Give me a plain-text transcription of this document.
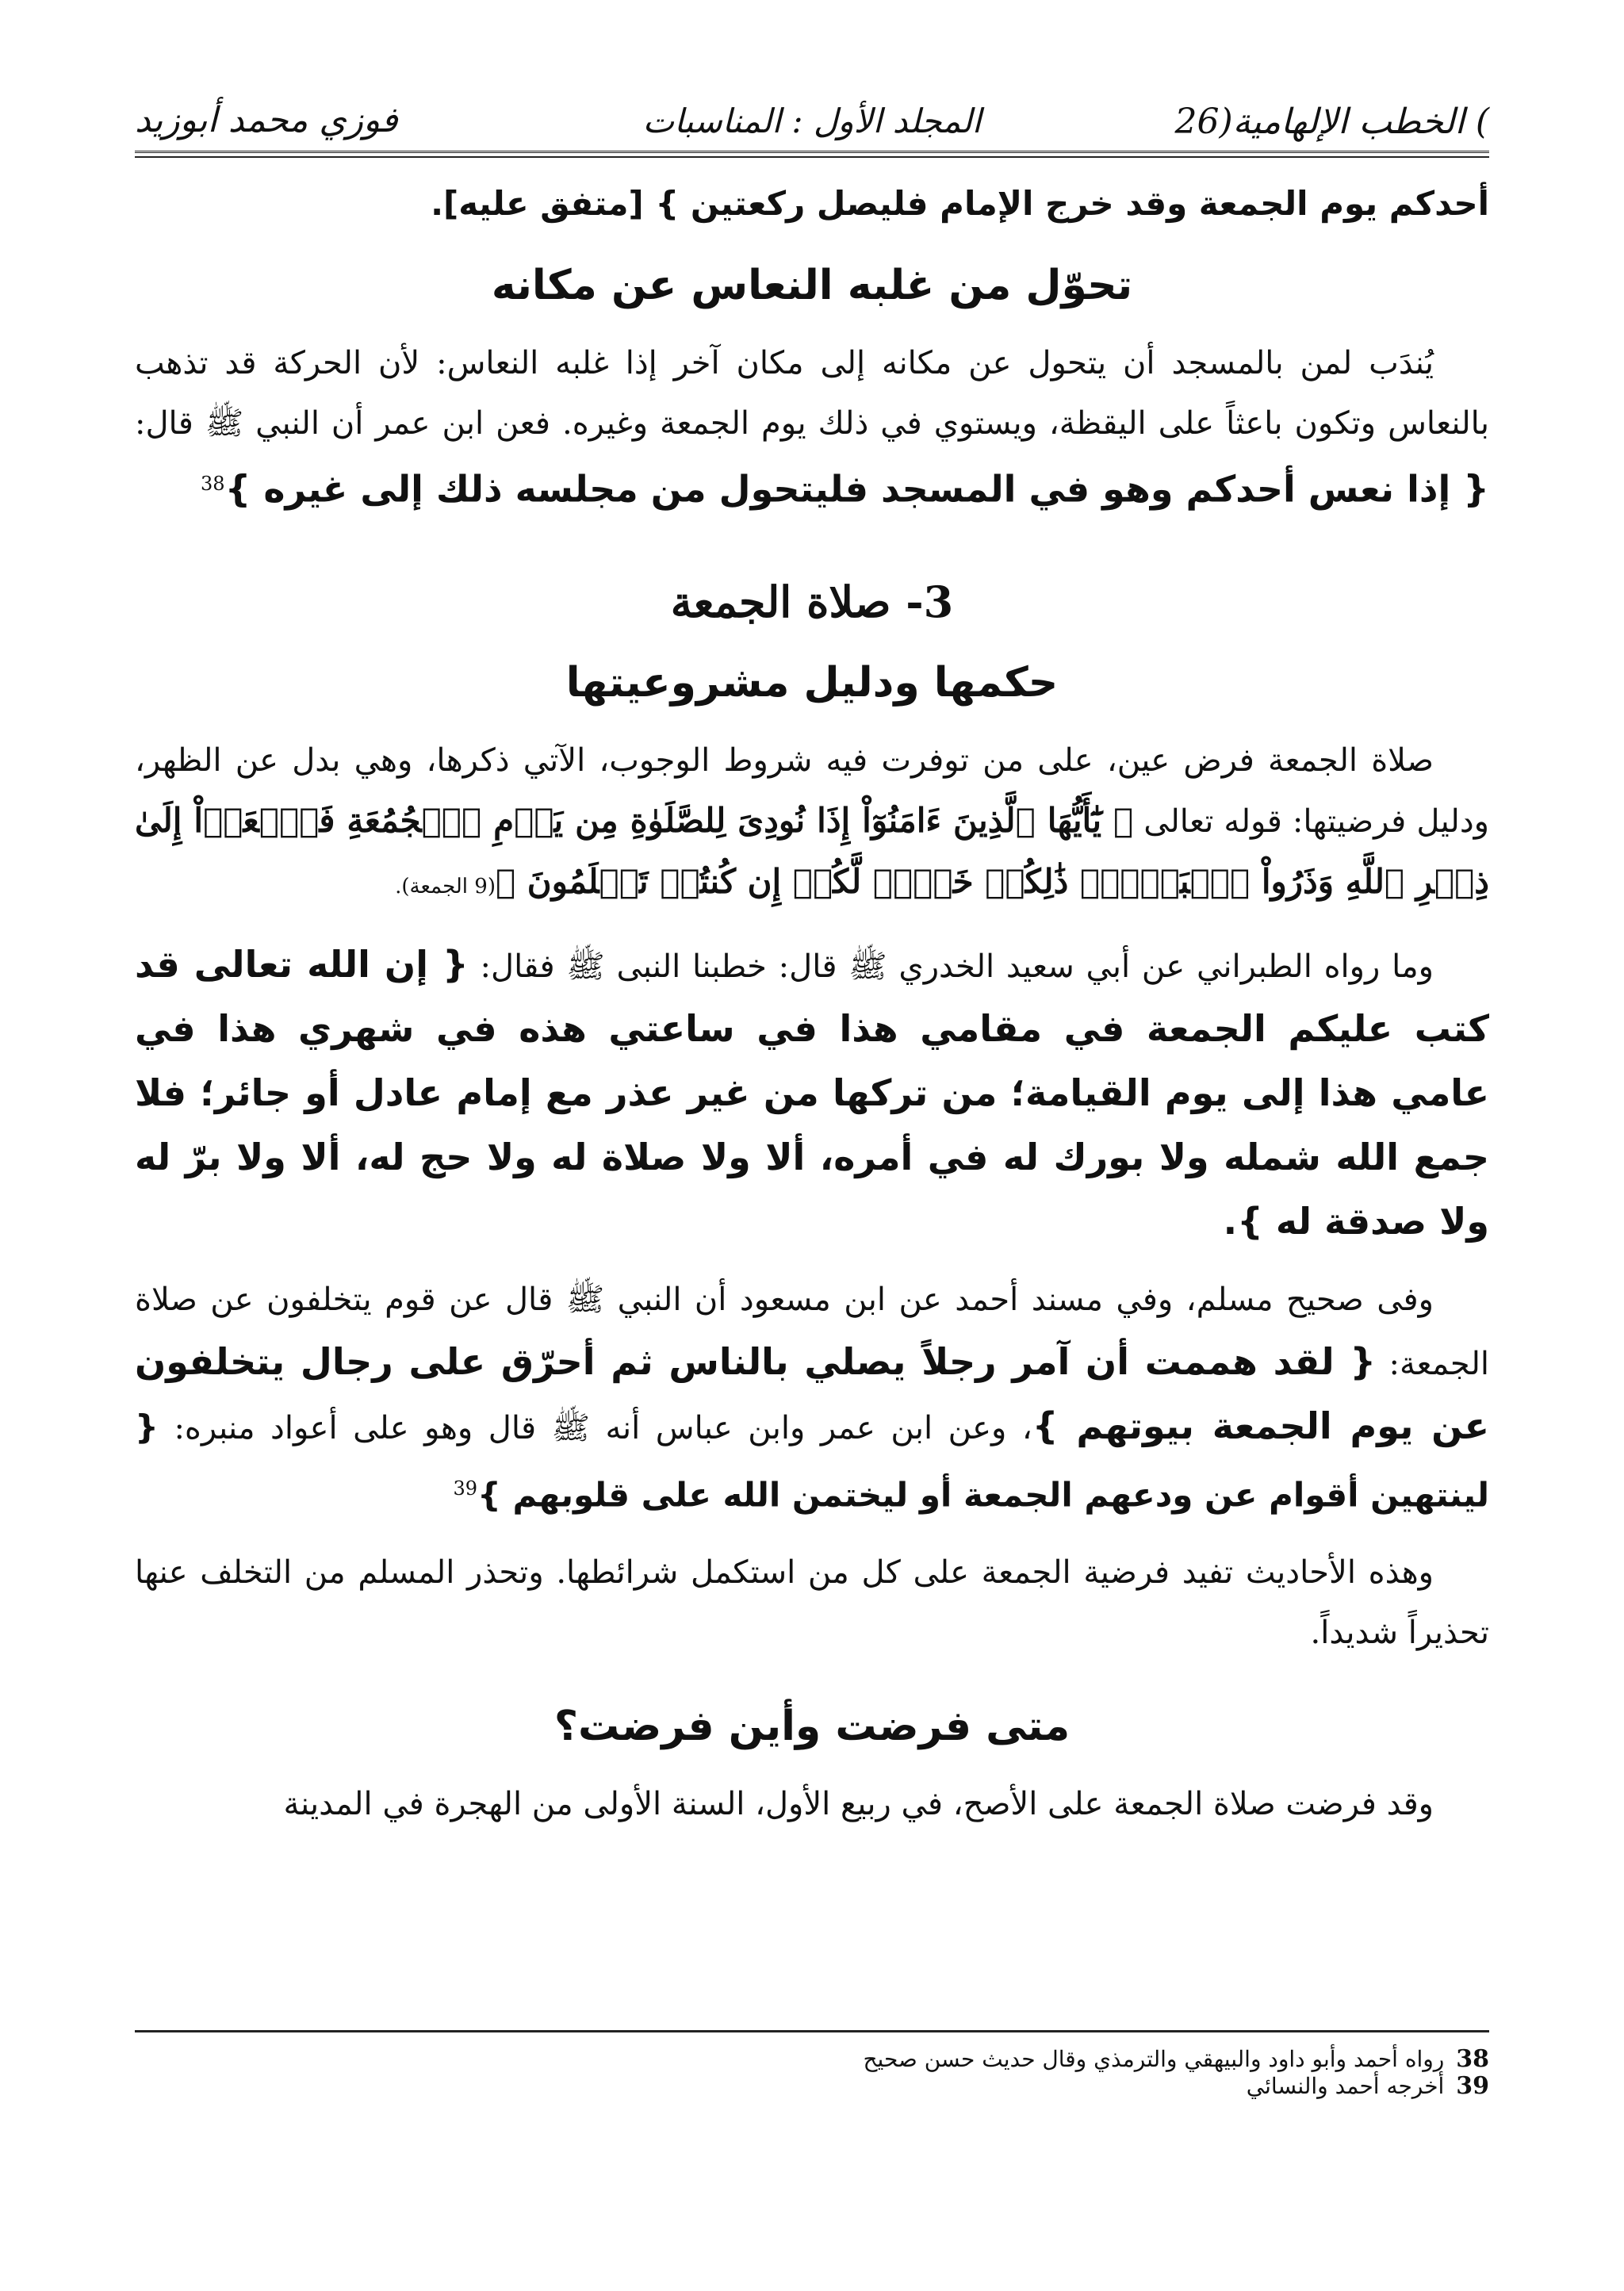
) الخطب الإلهامية(26
المجلد الأول : المناسبات
فوزي محمد أبوزيد

أحدكم يوم الجمعة وقد خرج الإمام فليصل ركعتين } [متفق عليه].

تحوّل من غلبه النعاس عن مكانه

يُندَب لمن بالمسجد أن يتحول عن مكانه إلى مكان آخر إذا غلبه النعاس: لأن الحركة قد تذهب بالنعاس وتكون باعثاً على اليقظة، ويستوي في ذلك يوم الجمعة وغيره. فعن ابن عمر أن النبي ﷺ قال: { إذا نعس أحدكم وهو في المسجد فليتحول من مجلسه ذلك إلى غيره }$^{38}$

3- صلاة الجمعة
حكمها ودليل مشروعيتها

صلاة الجمعة فرض عين، على من توفرت فيه شروط الوجوب، الآتي ذكرها، وهي بدل عن الظهر، ودليل فرضيتها: قوله تعالى ﴿ يَٰٓأَيُّهَا ٱلَّذِينَ ءَامَنُوٓاْ إِذَا نُودِىَ لِلصَّلَوٰةِ مِن يَوۡمِ ٱلۡجُمُعَةِ فَٱسۡعَوۡاْ إِلَىٰ ذِكۡرِ ٱللَّهِ وَذَرُواْ ٱلۡبَيۡعَۚ ذَٰلِكُمۡ خَيۡرٞ لَّكُمۡ إِن كُنتُمۡ تَعۡلَمُونَ ﴾(9 الجمعة).

وما رواه الطبراني عن أبي سعيد الخدري ﷺ قال: خطبنا النبى ﷺ فقال: { إن الله تعالى قد كتب عليكم الجمعة في مقامي هذا في ساعتي هذه في شهري هذا في عامي هذا إلى يوم القيامة؛ من تركها من غير عذر مع إمام عادل أو جائر؛ فلا جمع الله شمله ولا بورك له في أمره، ألا ولا صلاة له ولا حج له، ألا ولا برّ له ولا صدقة له }.

وفى صحيح مسلم، وفي مسند أحمد عن ابن مسعود أن النبي ﷺ قال عن قوم يتخلفون عن صلاة الجمعة: { لقد هممت أن آمر رجلاً يصلي بالناس ثم أحرّق على رجال يتخلفون عن يوم الجمعة بيوتهم }، وعن ابن عمر وابن عباس أنه ﷺ قال وهو على أعواد منبره: { لينتهين أقوام عن ودعهم الجمعة أو ليختمن الله على قلوبهم }$^{39}$

وهذه الأحاديث تفيد فرضية الجمعة على كل من استكمل شرائطها. وتحذر المسلم من التخلف عنها تحذيراً شديداً.

متى فرضت وأين فرضت؟

وقد فرضت صلاة الجمعة على الأصح، في ربيع الأول، السنة الأولى من الهجرة في المدينة

38 رواه أحمد وأبو داود والبيهقي والترمذي وقال حديث حسن صحيح
39 أخرجه أحمد والنسائي
